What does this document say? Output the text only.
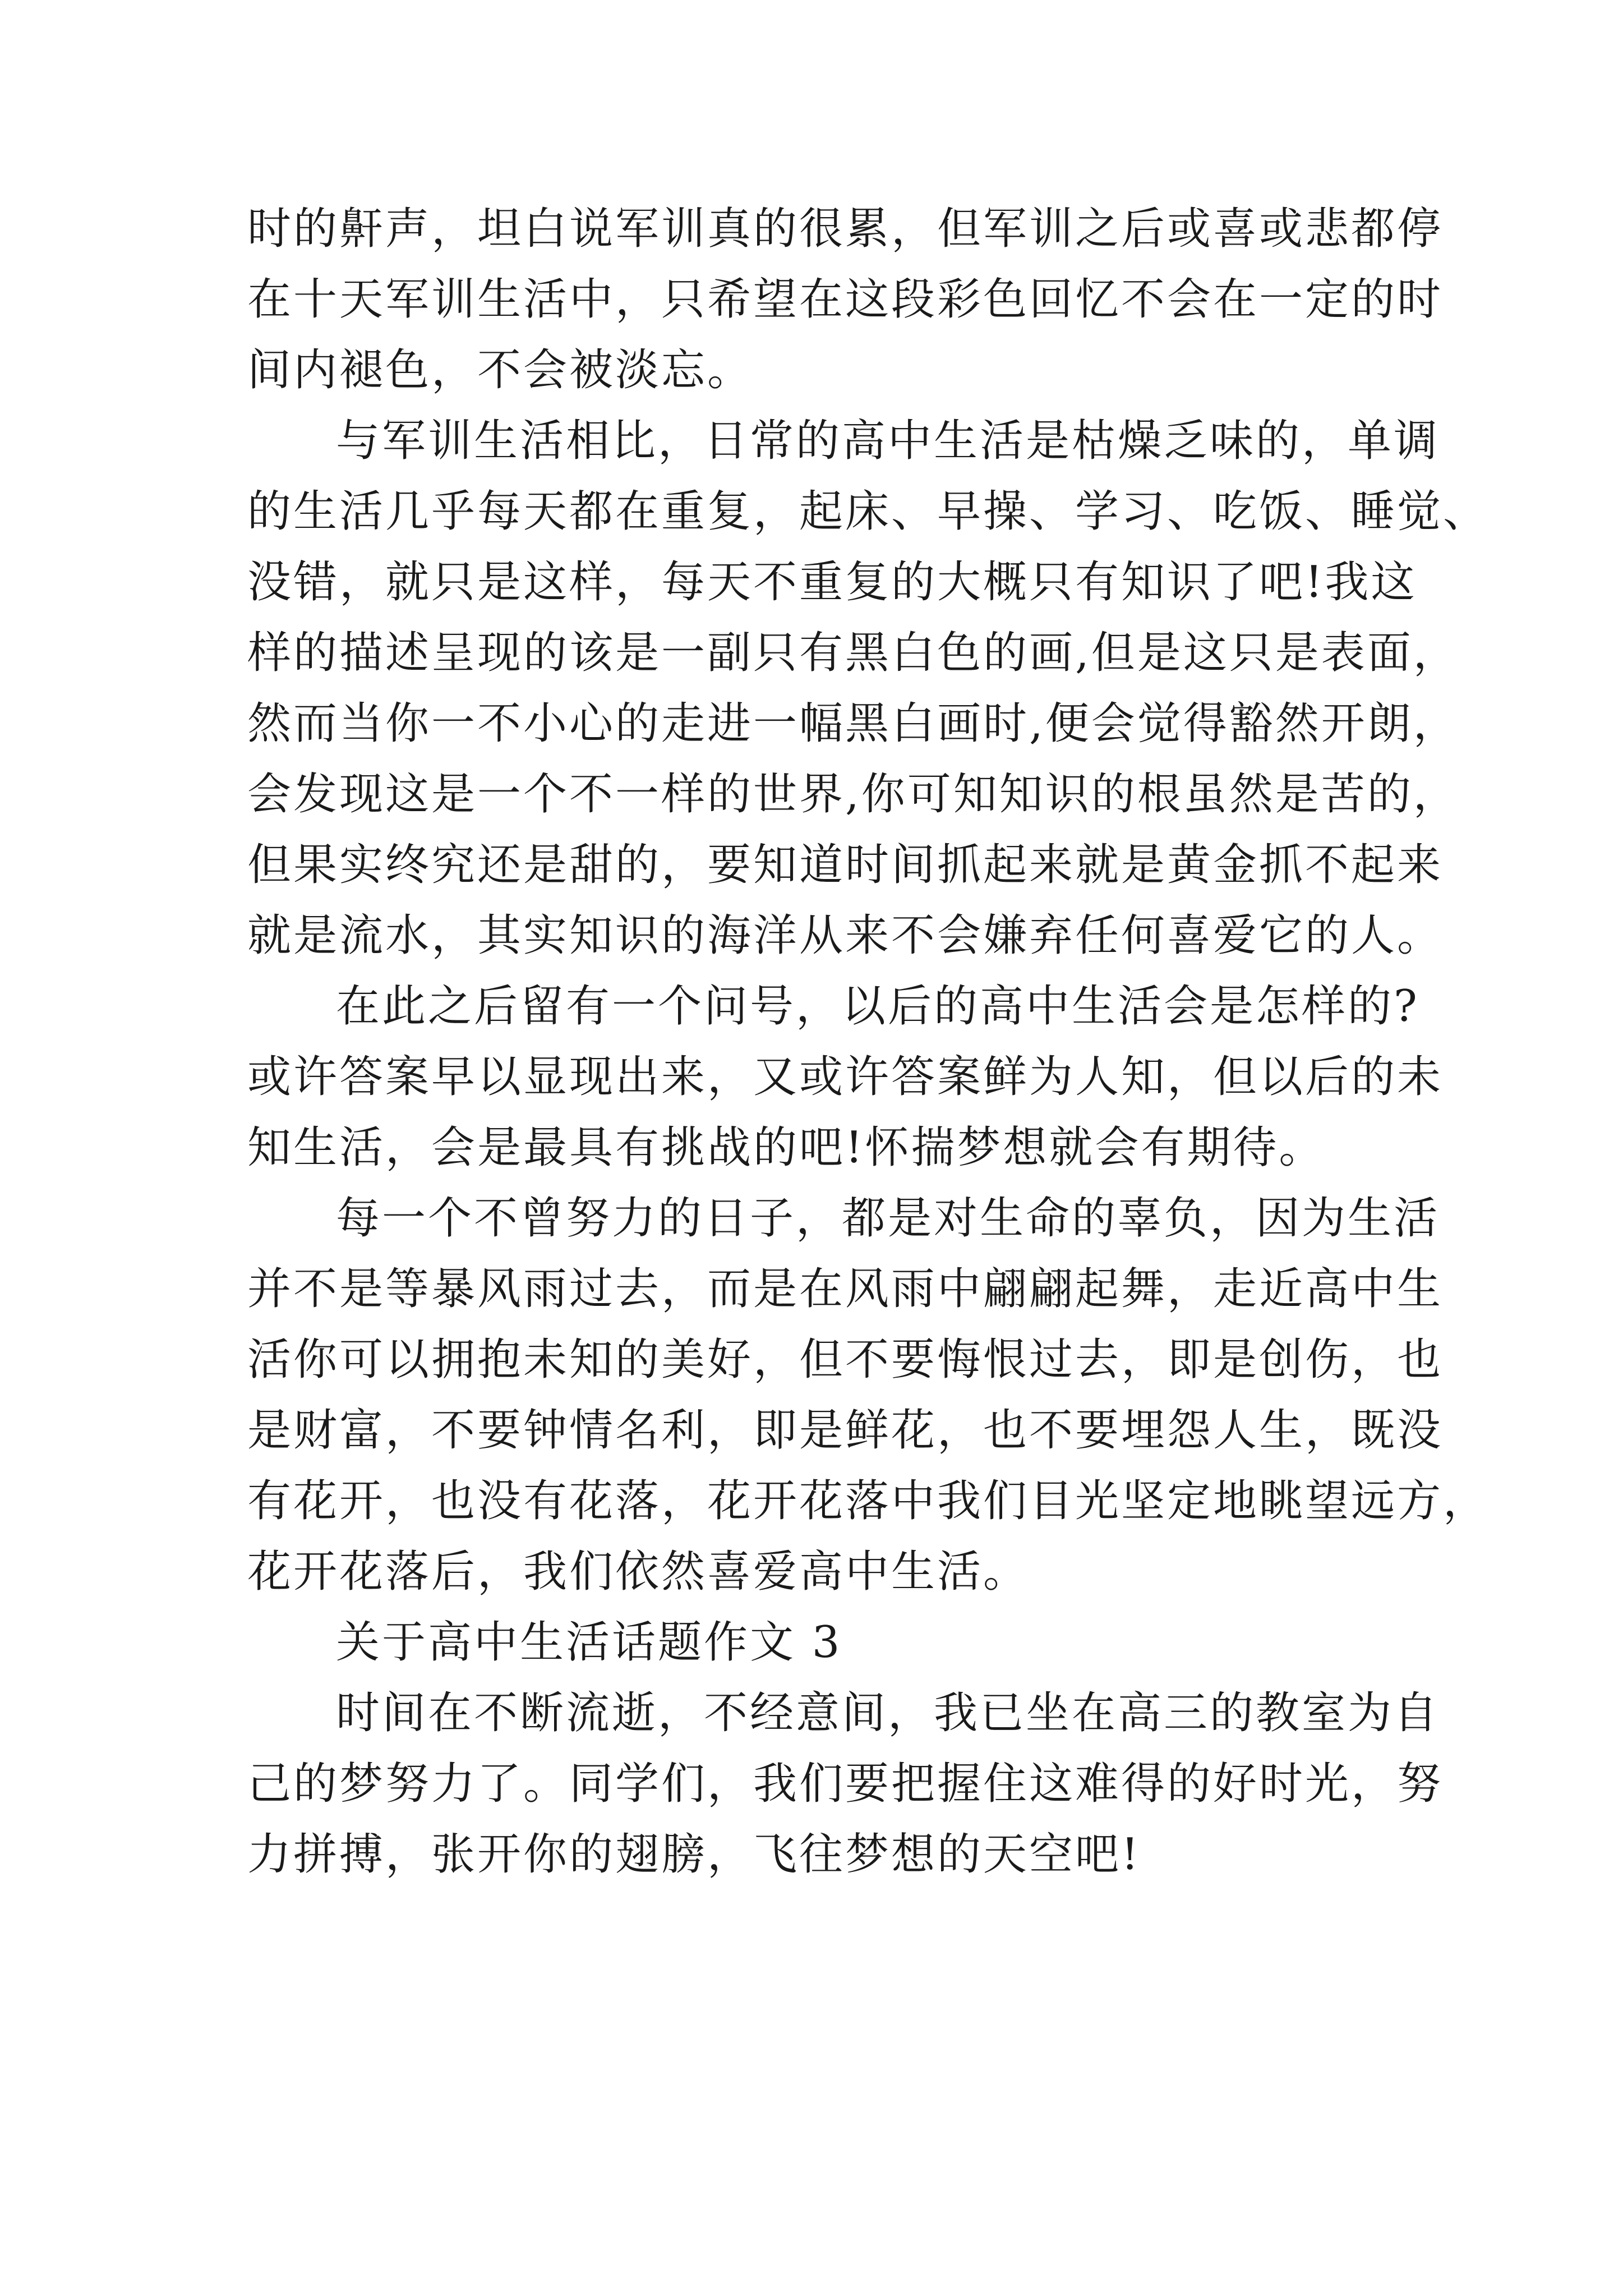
时的鼾声，坦白说军训真的很累，但军训之后或喜或悲都停
在十天军训生活中，只希望在这段彩色回忆不会在一定的时
间内褪色，不会被淡忘。
与军训生活相比，日常的高中生活是枯燥乏味的，单调
的生活几乎每天都在重复，起床、早操、学习、吃饭、睡觉、
没错，就只是这样，每天不重复的大概只有知识了吧!我这
样的描述呈现的该是一副只有黑白色的画,但是这只是表面，
然而当你一不小心的走进一幅黑白画时,便会觉得豁然开朗，
会发现这是一个不一样的世界,你可知知识的根虽然是苦的，
但果实终究还是甜的，要知道时间抓起来就是黄金抓不起来
就是流水，其实知识的海洋从来不会嫌弃任何喜爱它的人。
在此之后留有一个问号，以后的高中生活会是怎样的?
或许答案早以显现出来，又或许答案鲜为人知，但以后的未
知生活，会是最具有挑战的吧!怀揣梦想就会有期待。
每一个不曾努力的日子，都是对生命的辜负，因为生活
并不是等暴风雨过去，而是在风雨中翩翩起舞，走近高中生
活你可以拥抱未知的美好，但不要悔恨过去，即是创伤，也
是财富，不要钟情名利，即是鲜花，也不要埋怨人生，既没
有花开，也没有花落，花开花落中我们目光坚定地眺望远方，
花开花落后，我们依然喜爱高中生活。
关于高中生活话题作文 3
时间在不断流逝，不经意间，我已坐在高三的教室为自
己的梦努力了。同学们，我们要把握住这难得的好时光，努
力拼搏，张开你的翅膀，飞往梦想的天空吧!
